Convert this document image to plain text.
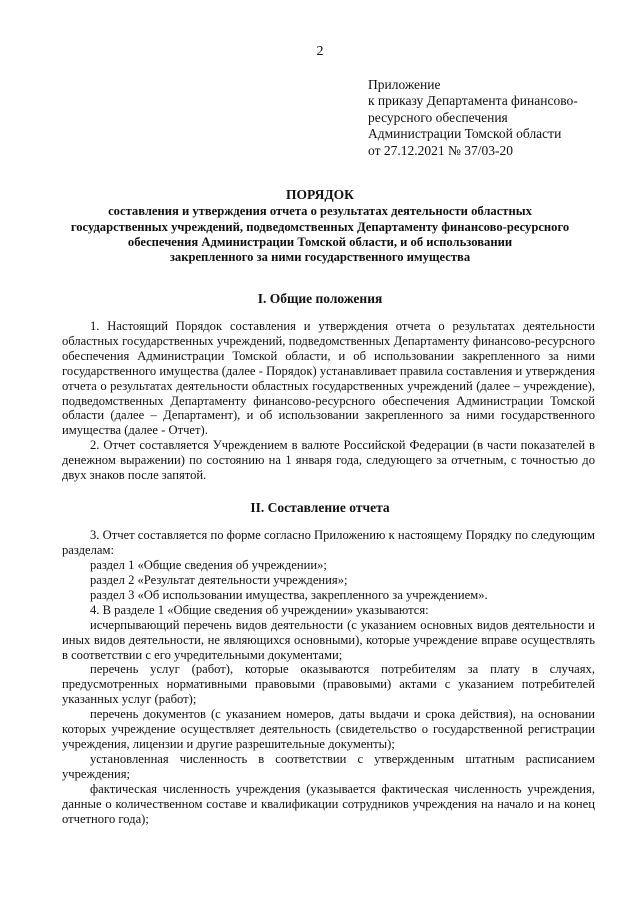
2
Приложение
к приказу Департамента финансово-
ресурсного обеспечения
Администрации Томской области
от 27.12.2021 № 37/03-20
ПОРЯДОК
составления и утверждения отчета о результатах деятельности областных
государственных учреждений, подведомственных Департаменту финансово-ресурсного
обеспечения Администрации Томской области, и об использовании
закрепленного за ними государственного имущества
I. Общие положения
1. Настоящий Порядок составления и утверждения отчета о результатах деятельности областных государственных учреждений, подведомственных Департаменту финансово-ресурсного обеспечения Администрации Томской области, и об использовании закрепленного за ними государственного имущества (далее - Порядок) устанавливает правила составления и утверждения отчета о результатах деятельности областных государственных учреждений (далее – учреждение), подведомственных Департаменту финансово-ресурсного обеспечения Администрации Томской области (далее – Департамент), и об использовании закрепленного за ними государственного имущества (далее - Отчет).
2. Отчет составляется Учреждением в валюте Российской Федерации (в части показателей в денежном выражении) по состоянию на 1 января года, следующего за отчетным, с точностью до двух знаков после запятой.
II. Составление отчета
3. Отчет составляется по форме согласно Приложению к настоящему Порядку по следующим разделам:
раздел 1 «Общие сведения об учреждении»;
раздел 2 «Результат деятельности учреждения»;
раздел 3 «Об использовании имущества, закрепленного за учреждением».
4. В разделе 1 «Общие сведения об учреждении» указываются:
исчерпывающий перечень видов деятельности (с указанием основных видов деятельности и иных видов деятельности, не являющихся основными), которые учреждение вправе осуществлять в соответствии с его учредительными документами;
перечень услуг (работ), которые оказываются потребителям за плату в случаях, предусмотренных нормативными правовыми (правовыми) актами с указанием потребителей указанных услуг (работ);
перечень документов (с указанием номеров, даты выдачи и срока действия), на основании которых учреждение осуществляет деятельность (свидетельство о государственной регистрации учреждения, лицензии и другие разрешительные документы);
установленная численность в соответствии с утвержденным штатным расписанием учреждения;
фактическая численность учреждения (указывается фактическая численность учреждения, данные о количественном составе и квалификации сотрудников учреждения на начало и на конец отчетного года);
